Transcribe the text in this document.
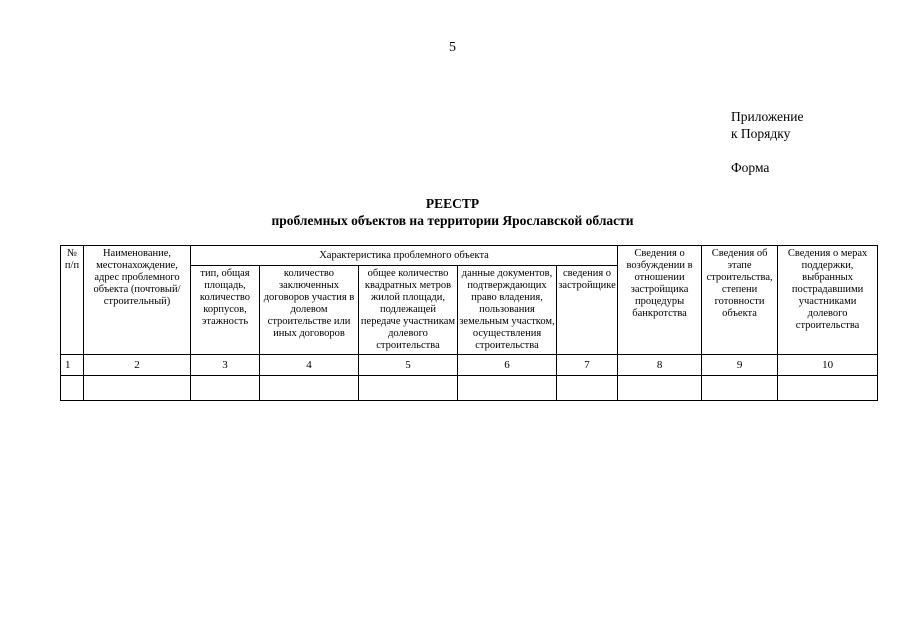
5
Приложение
к Порядку
Форма
РЕЕСТР
проблемных объектов на территории Ярославской области
№ п/п	Наименование, местонахождение, адрес проблемного объекта (почтовый/ строительный)	Характеристика проблемного объекта					Сведения о возбуждении в отношении застройщика процедуры банкротства	Сведения об этапе строительства, степени готовности объекта	Сведения о мерах поддержки, выбранных пострадавшими участниками долевого строительства
		тип, общая площадь, количество корпусов, этажность	количество заключенных договоров участия в долевом строительстве или иных договоров	общее количество квадратных метров жилой площади, подлежащей передаче участникам долевого строительства	данные документов, подтверждающих право владения, пользования земельным участком, осуществления строительства	сведения о застройщике			
1	2	3	4	5	6	7	8	9	10
